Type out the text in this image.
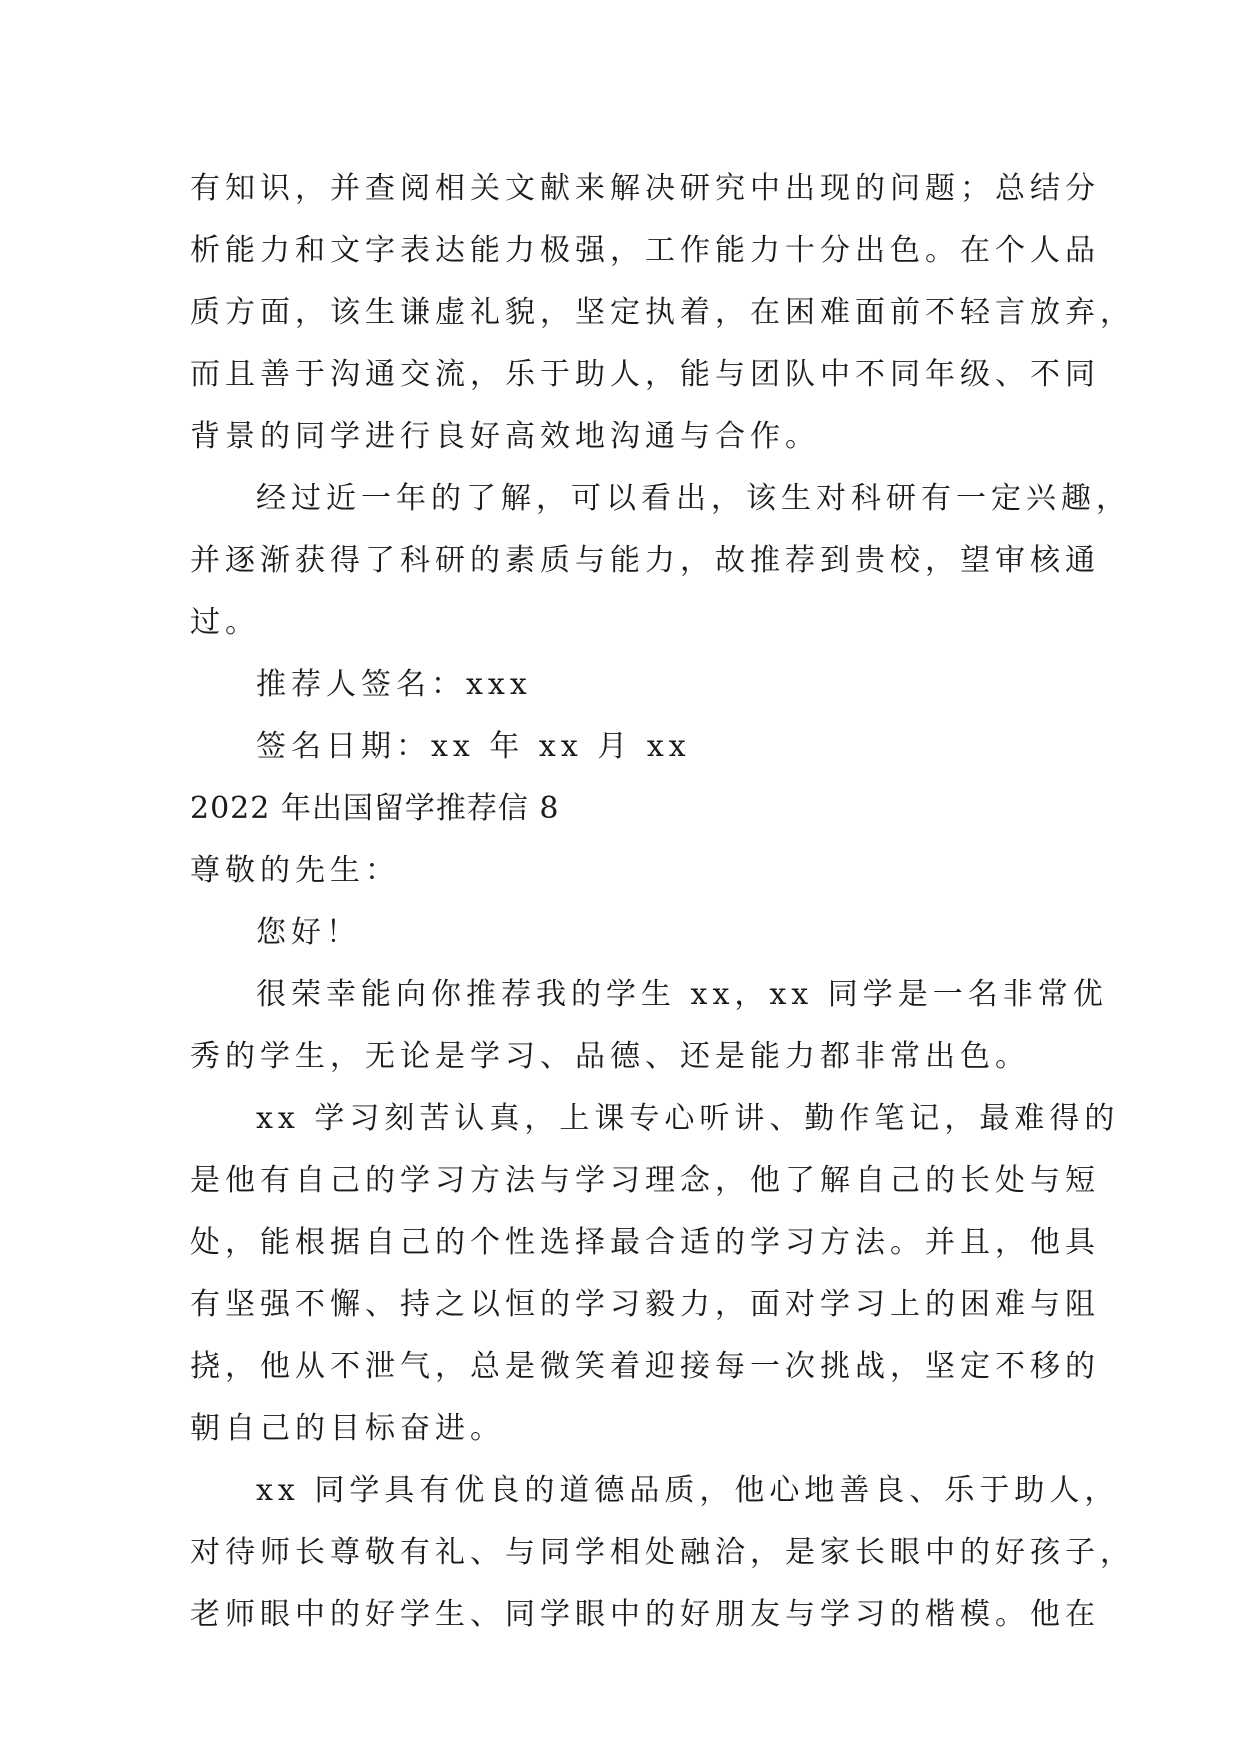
有知识，并查阅相关文献来解决研究中出现的问题；总结分
析能力和文字表达能力极强，工作能力十分出色。在个人品
质方面，该生谦虚礼貌，坚定执着，在困难面前不轻言放弃，
而且善于沟通交流，乐于助人，能与团队中不同年级、不同
背景的同学进行良好高效地沟通与合作。
经过近一年的了解，可以看出，该生对科研有一定兴趣，
并逐渐获得了科研的素质与能力，故推荐到贵校，望审核通
过。
推荐人签名：xxx
签名日期：xx 年 xx 月 xx
2022 年出国留学推荐信 8
尊敬的先生：
您好！
很荣幸能向你推荐我的学生 xx，xx 同学是一名非常优
秀的学生，无论是学习、品德、还是能力都非常出色。
xx 学习刻苦认真，上课专心听讲、勤作笔记，最难得的
是他有自己的学习方法与学习理念，他了解自己的长处与短
处，能根据自己的个性选择最合适的学习方法。并且，他具
有坚强不懈、持之以恒的学习毅力，面对学习上的困难与阻
挠，他从不泄气，总是微笑着迎接每一次挑战，坚定不移的
朝自己的目标奋进。
xx 同学具有优良的道德品质，他心地善良、乐于助人，
对待师长尊敬有礼、与同学相处融洽，是家长眼中的好孩子，
老师眼中的好学生、同学眼中的好朋友与学习的楷模。他在
